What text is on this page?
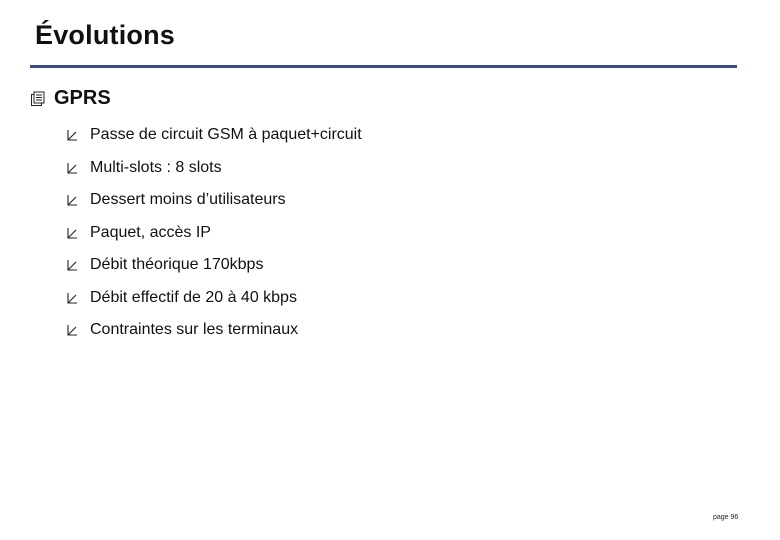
Évolutions
GPRS
Passe de circuit GSM à paquet+circuit
Multi-slots : 8 slots
Dessert moins d’utilisateurs
Paquet, accès IP
Débit théorique 170kbps
Débit effectif de 20 à 40 kbps
Contraintes sur les terminaux
page 96
